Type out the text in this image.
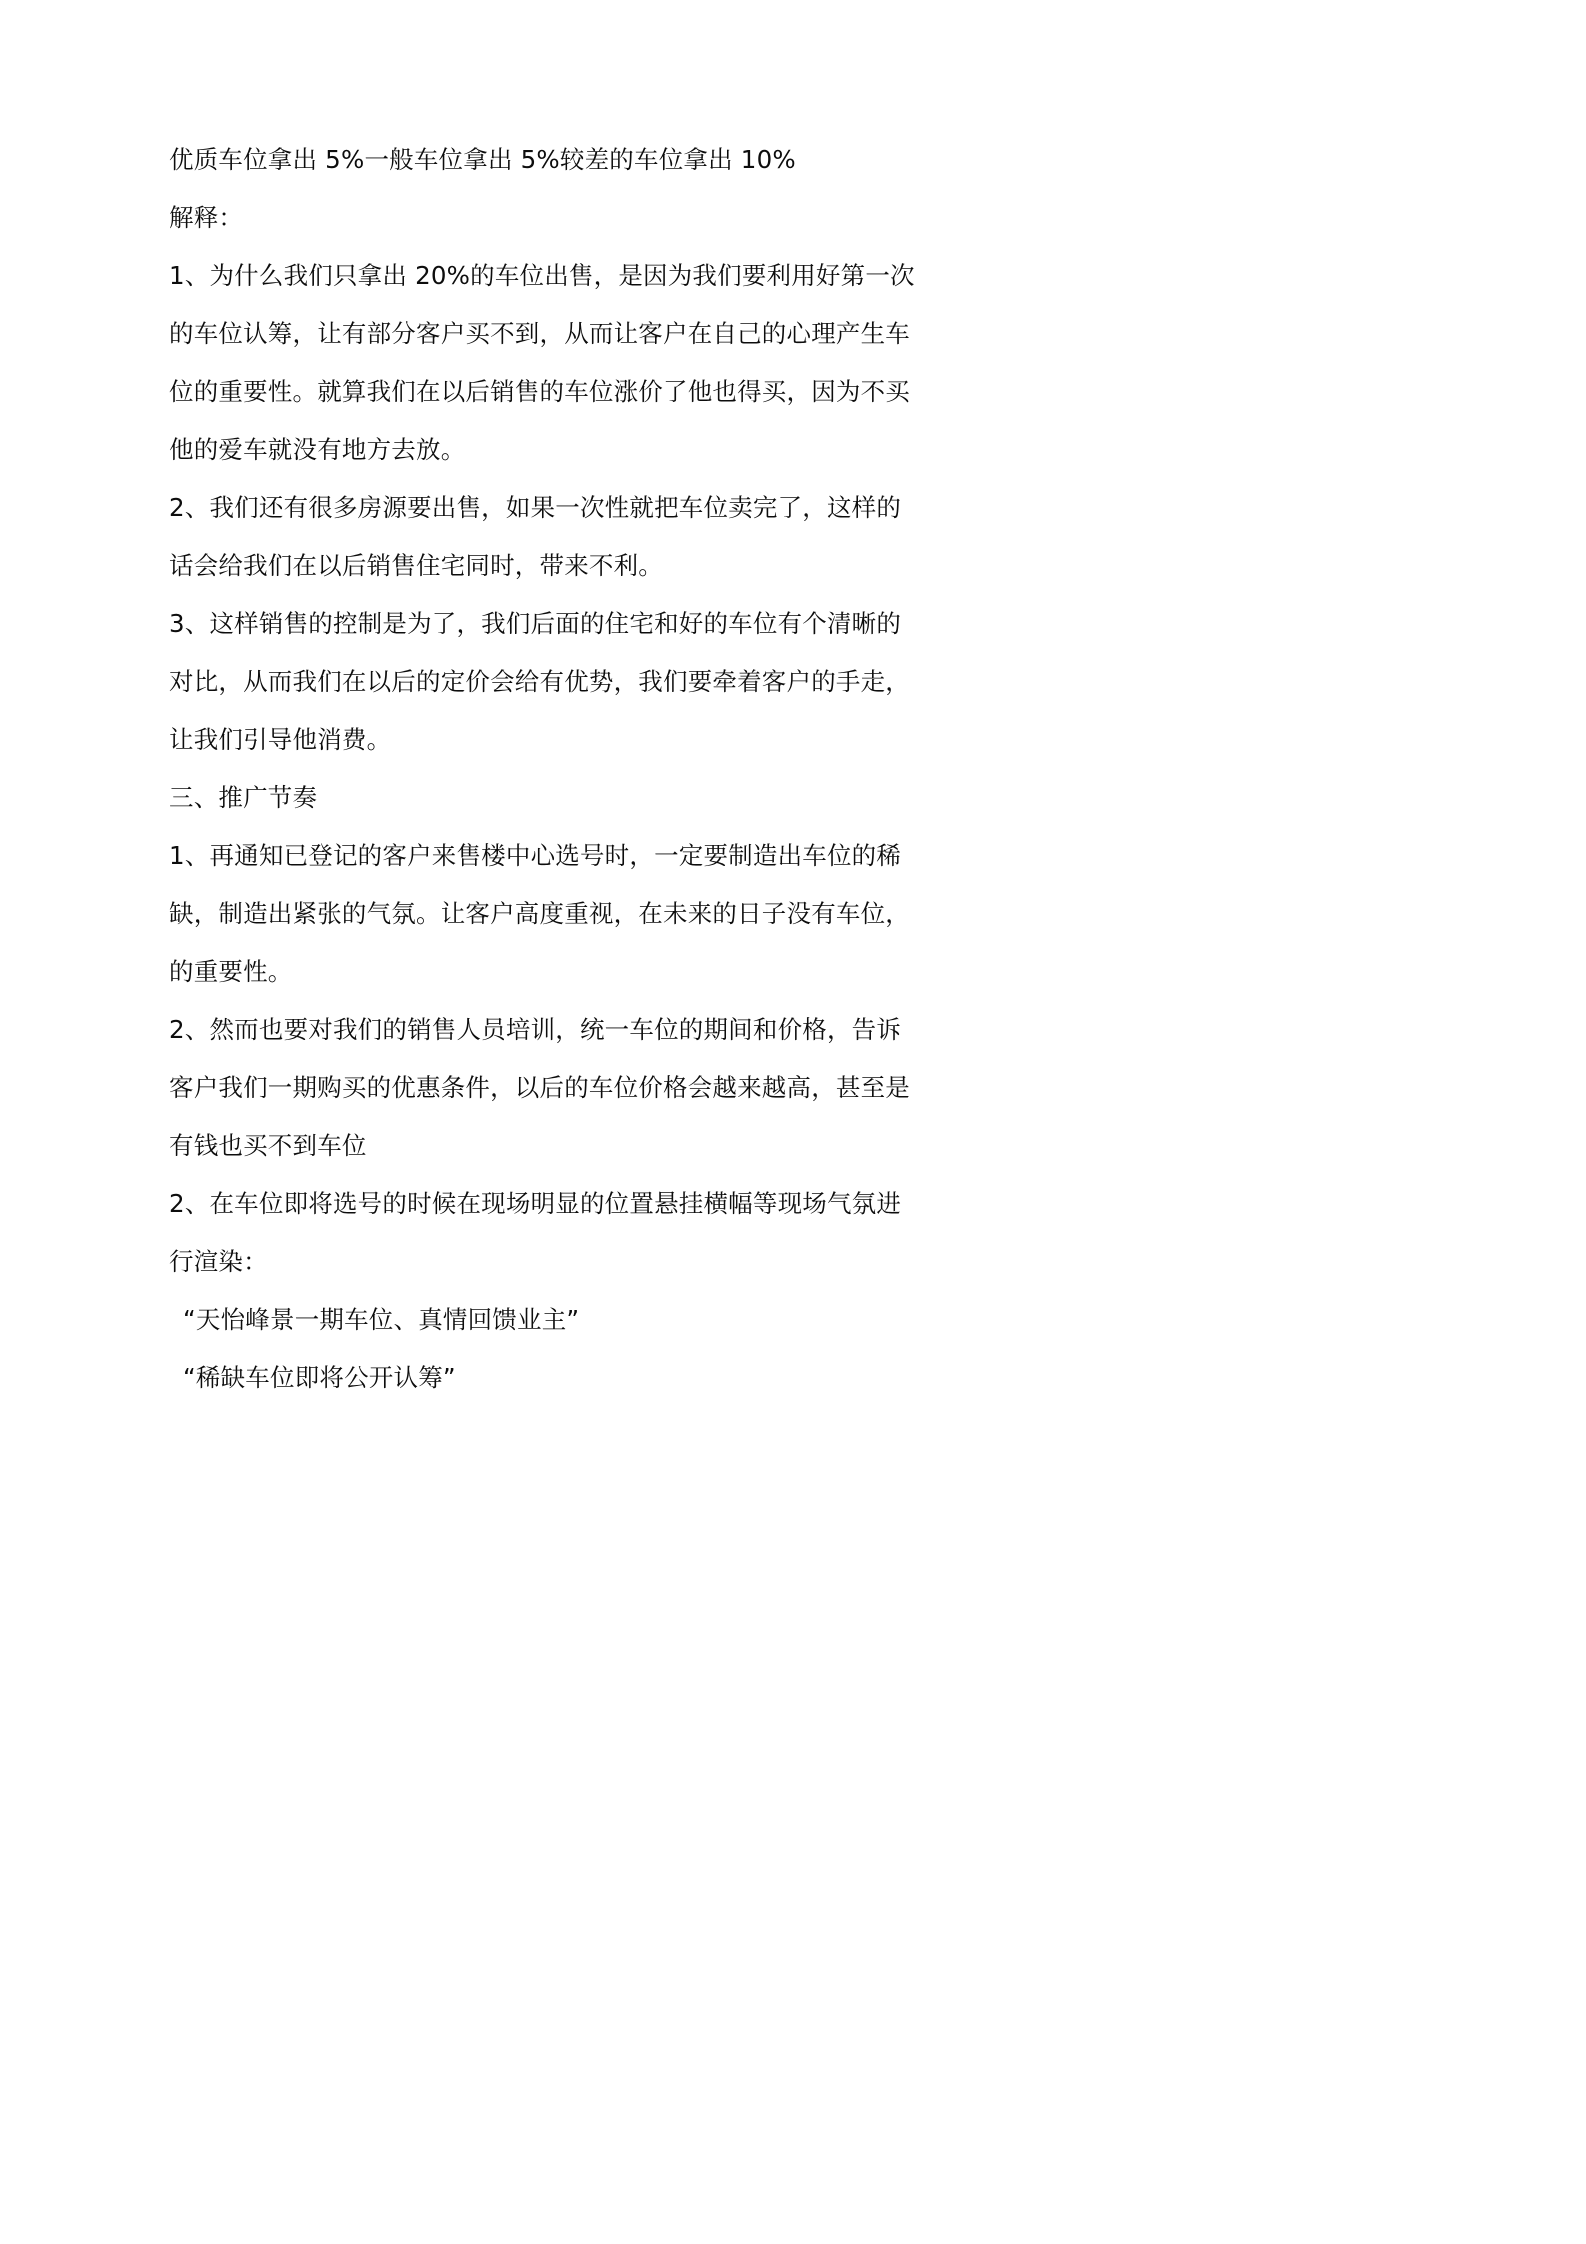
优质车位拿出 5%一般车位拿出 5%较差的车位拿出 10%

解释：

1、为什么我们只拿出 20%的车位出售，是因为我们要利用好第一次

的车位认筹，让有部分客户买不到，从而让客户在自己的心理产生车

位的重要性。就算我们在以后销售的车位涨价了他也得买，因为不买

他的爱车就没有地方去放。

2、我们还有很多房源要出售，如果一次性就把车位卖完了，这样的

话会给我们在以后销售住宅同时，带来不利。

3、这样销售的控制是为了，我们后面的住宅和好的车位有个清晰的

对比，从而我们在以后的定价会给有优势，我们要牵着客户的手走，

让我们引导他消费。

三、推广节奏

1、再通知已登记的客户来售楼中心选号时，一定要制造出车位的稀

缺，制造出紧张的气氛。让客户高度重视，在未来的日子没有车位，

的重要性。

2、然而也要对我们的销售人员培训，统一车位的期间和价格，告诉

客户我们一期购买的优惠条件，以后的车位价格会越来越高，甚至是

有钱也买不到车位

2、在车位即将选号的时候在现场明显的位置悬挂横幅等现场气氛进

行渲染：

“天怡峰景一期车位、真情回馈业主”

“稀缺车位即将公开认筹”
